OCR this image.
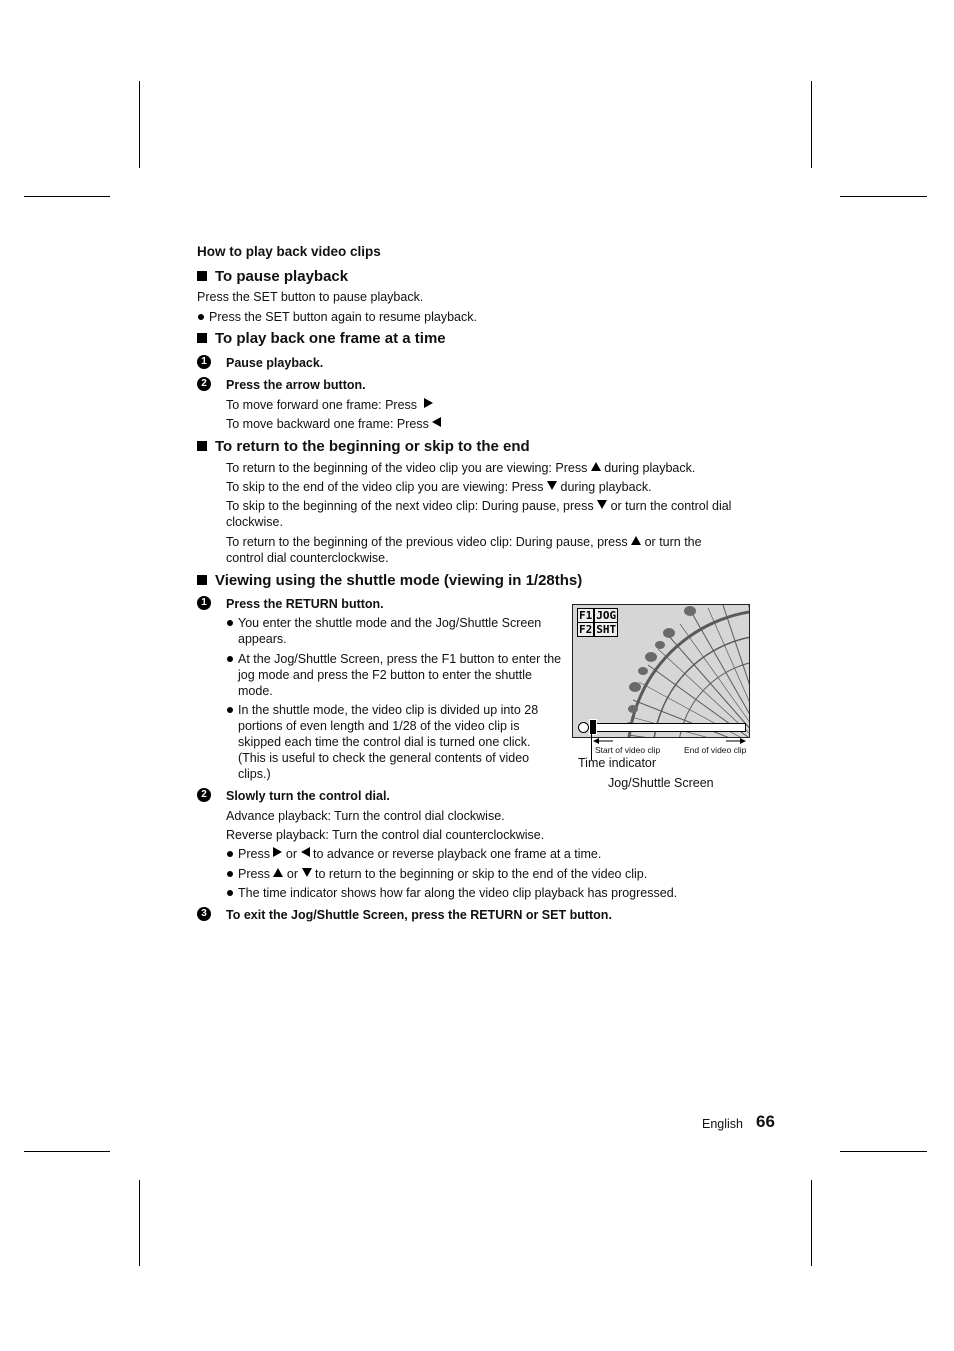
How to play back video clips
To pause playback
Press the SET button to pause playback.
Press the SET button again to resume playback.
To play back one frame at a time
1	Pause playback.
2	Press the arrow button.
To move forward one frame: Press
To move backward one frame: Press
To return to the beginning or skip to the end
To return to the beginning of the video clip you are viewing: Press during playback.
To skip to the end of the video clip you are viewing: Press during playback.
To skip to the beginning of the next video clip: During pause, press or turn the control dial
clockwise.
To return to the beginning of the previous video clip: During pause, press or turn the
control dial counterclockwise.
Viewing using the shuttle mode (viewing in 1/28ths)
1	Press the RETURN button.
You enter the shuttle mode and the Jog/Shuttle Screen appears.
At the Jog/Shuttle Screen, press the F1 button to enter the jog mode and press the F2 button to enter the shuttle mode.
In the shuttle mode, the video clip is divided up into 28 portions of even length and 1/28 of the video clip is skipped each time the control dial is turned one click. (This is useful to check the general contents of video clips.)
F1 JOG
F2 SHT
Start of video clip	End of video clip
Time indicator
Jog/Shuttle Screen
2	Slowly turn the control dial.
Advance playback: Turn the control dial clockwise.
Reverse playback: Turn the control dial counterclockwise.
Press or to advance or reverse playback one frame at a time.
Press or to return to the beginning or skip to the end of the video clip.
The time indicator shows how far along the video clip playback has progressed.
3	To exit the Jog/Shuttle Screen, press the RETURN or SET button.
English 66
